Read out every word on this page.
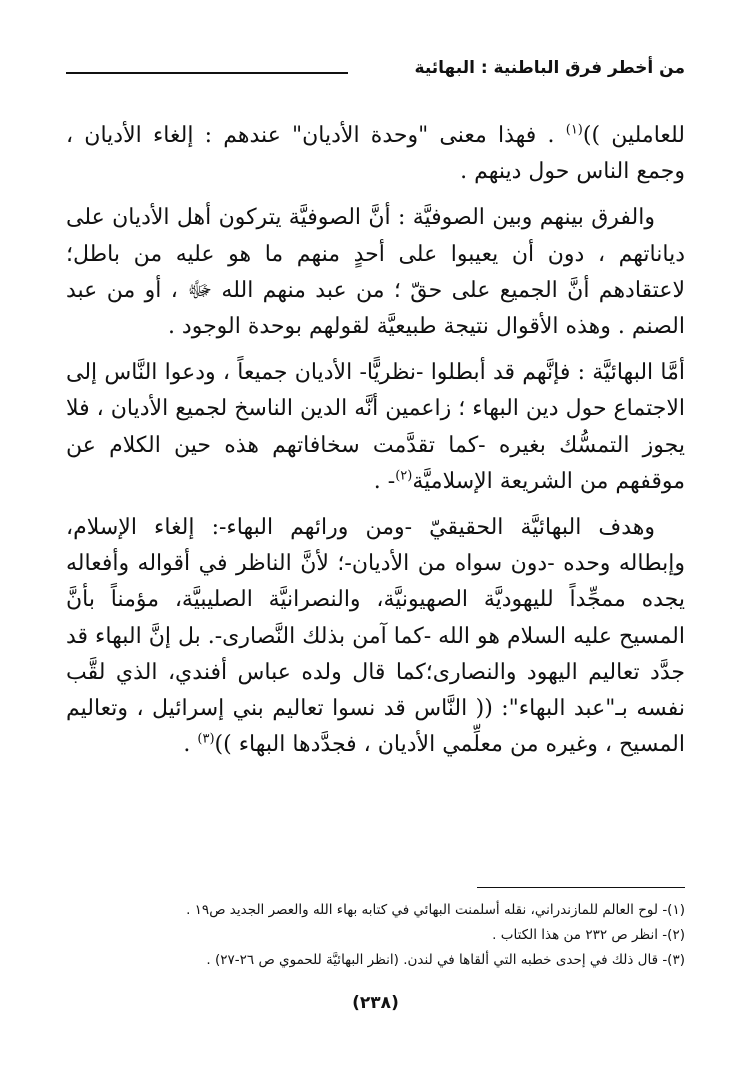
من أخطر فرق الباطنية : البهائية

للعاملين ))$^{(١)}$ . فهذا معنى "وحدة الأديان" عندهم : إلغاء الأديان ، وجمع الناس حول دينهم .

والفرق بينهم وبين الصوفيَّة : أنَّ الصوفيَّة يتركون أهل الأديان على دياناتهم ، دون أن يعيبوا على أحدٍ منهم ما هو عليه من باطل؛ لاعتقادهم أنَّ الجميع على حقّ ؛ من عبد منهم الله ﷻ ، أو من عبد الصنم . وهذه الأقوال نتيجة طبيعيَّة لقولهم بوحدة الوجود .

أمَّا البهائيَّة : فإنَّهم قد أبطلوا -نظريًّا- الأديان جميعاً ، ودعوا النَّاس إلى الاجتماع حول دين البهاء ؛ زاعمين أنَّه الدين الناسخ لجميع الأديان ، فلا يجوز التمسُّك بغيره -كما تقدَّمت سخافاتهم هذه حين الكلام عن موقفهم من الشريعة الإسلاميَّة$^{(٢)}$- .

وهدف البهائيَّة الحقيقيّ -ومن ورائهم البهاء-: إلغاء الإسلام، وإبطاله وحده -دون سواه من الأديان-؛ لأنَّ الناظر في أقواله وأفعاله يجده ممجِّداً لليهوديَّة الصهيونيَّة، والنصرانيَّة الصليبيَّة، مؤمناً بأنَّ المسيح عليه السلام هو الله -كما آمن بذلك النَّصارى-. بل إنَّ البهاء قد جدَّد تعاليم اليهود والنصارى؛كما قال ولده عباس أفندي، الذي لقَّب نفسه بـ"عبد البهاء": (( النَّاس قد نسوا تعاليم بني إسرائيل ، وتعاليم المسيح ، وغيره من معلِّمي الأديان ، فجدَّدها البهاء ))$^{(٣)}$ .

(١)- لوح العالم للمازندراني، نقله أسلمنت البهائي في كتابه بهاء الله والعصر الجديد ص١٩ .
(٢)- انظر ص ٢٣٢ من هذا الكتاب .
(٣)- قال ذلك في إحدى خطبه التي ألقاها في لندن. (انظر البهائيَّة للحموي ص ٢٦-٢٧) .
(٢٣٨)
